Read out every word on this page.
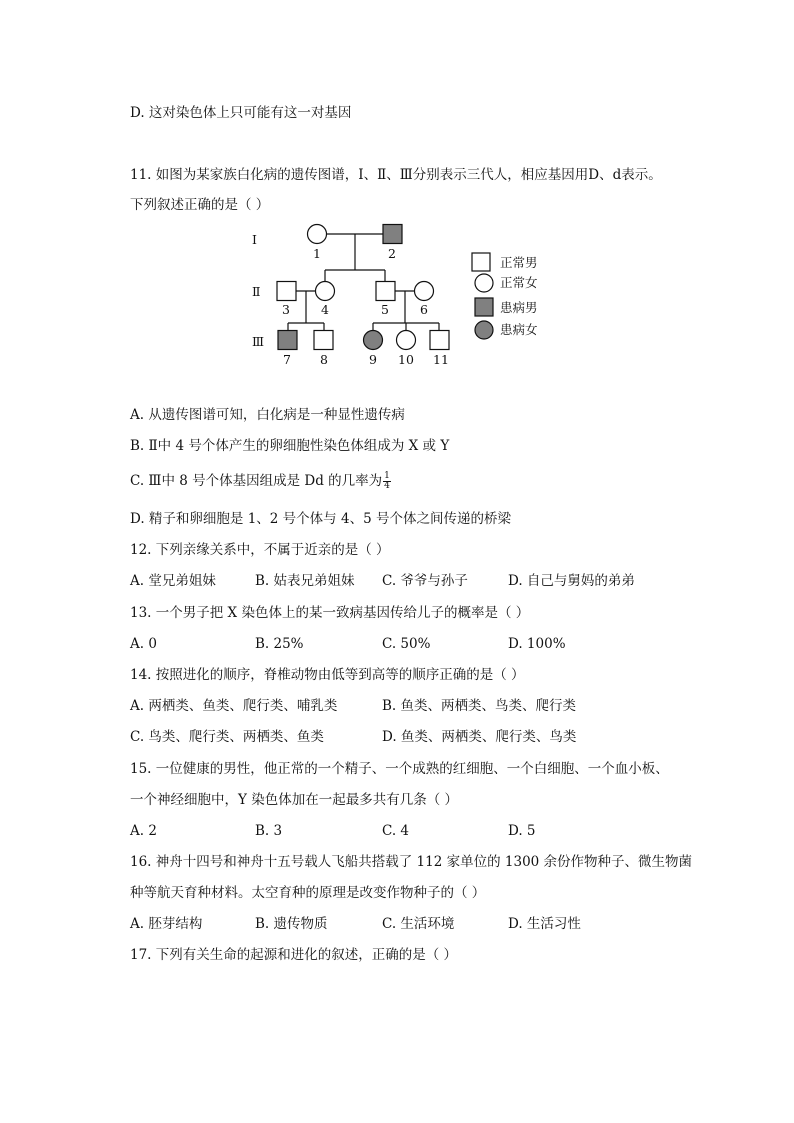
D. 这对染色体上只可能有这一对基因
11. 如图为某家族白化病的遗传图谱，Ⅰ、Ⅱ、Ⅲ分别表示三代人，相应基因用D、d表示。
下列叙述正确的是（ ）
Ⅰ
Ⅱ
Ⅲ
1	2
3 4	5 6
7 8	9 10 11
正常男
正常女
患病男
患病女
A. 从遗传图谱可知，白化病是一种显性遗传病
B. Ⅱ中 4 号个体产生的卵细胞性染色体组成为 X 或 Y
C. Ⅲ中 8 号个体基因组成是 Dd 的几率为 $\frac{1}{4}$
D. 精子和卵细胞是 1、2 号个体与 4、5 号个体之间传递的桥梁
12. 下列亲缘关系中，不属于近亲的是（ ）
A. 堂兄弟姐妹	B. 姑表兄弟姐妹 C. 爷爷与孙子	D. 自己与舅妈的弟弟
13. 一个男子把 X 染色体上的某一致病基因传给儿子的概率是（ ）
A. 0	B. 25%	C. 50%	D. 100%
14. 按照进化的顺序，脊椎动物由低等到高等的顺序正确的是（ ）
A. 两栖类、鱼类、爬行类、哺乳类	B. 鱼类、两栖类、鸟类、爬行类
C. 鸟类、爬行类、两栖类、鱼类	D. 鱼类、两栖类、爬行类、鸟类
15. 一位健康的男性，他正常的一个精子、一个成熟的红细胞、一个白细胞、一个血小板、
一个神经细胞中，Y 染色体加在一起最多共有几条（ ）
A. 2	B. 3	C. 4	D. 5
16. 神舟十四号和神舟十五号载人飞船共搭载了 112 家单位的 1300 余份作物种子、微生物菌
种等航天育种材料。太空育种的原理是改变作物种子的（ ）
A. 胚芽结构	B. 遗传物质	C. 生活环境	D. 生活习性
17. 下列有关生命的起源和进化的叙述，正确的是（ ）
